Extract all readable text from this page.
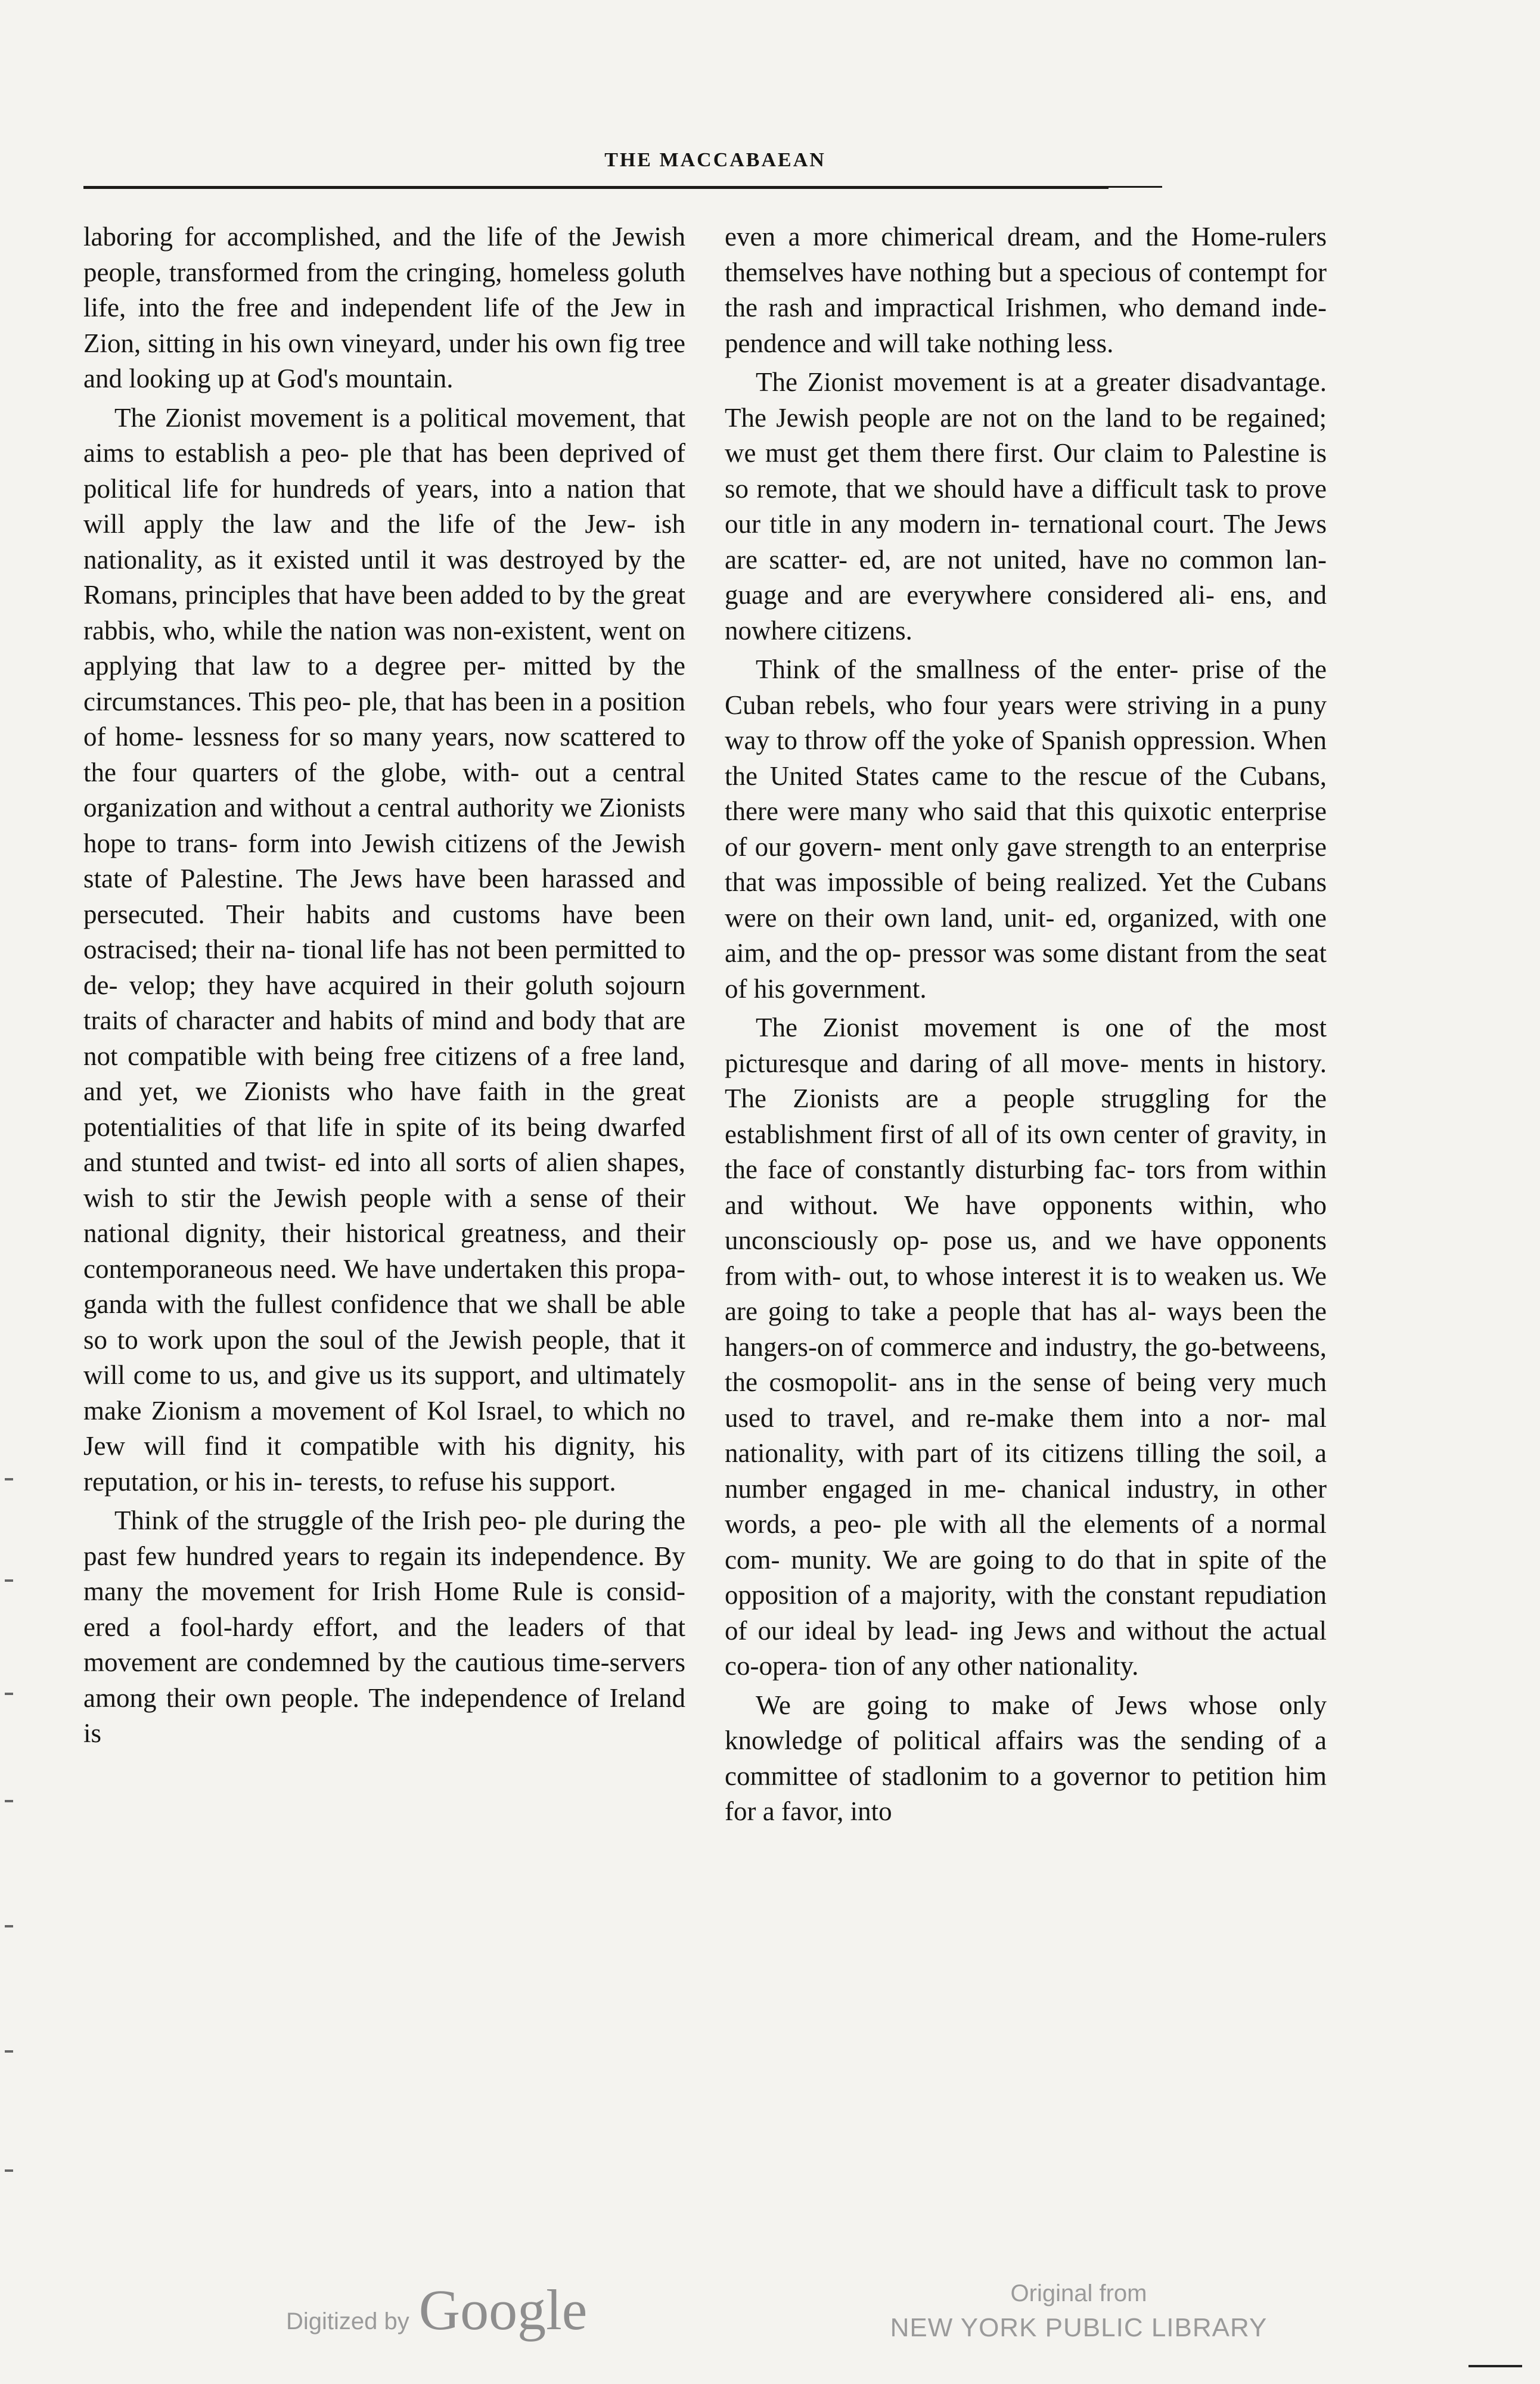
THE MACCABAEAN

laboring for accomplished, and the life of the Jewish people, transformed from the cringing, homeless goluth life, into the free and independent life of the Jew in Zion, sitting in his own vineyard, under his own fig tree and looking up at God's mountain.

The Zionist movement is a political movement, that aims to establish a peo- ple that has been deprived of political life for hundreds of years, into a nation that will apply the law and the life of the Jew- ish nationality, as it existed until it was destroyed by the Romans, principles that have been added to by the great rabbis, who, while the nation was non-existent, went on applying that law to a degree per- mitted by the circumstances. This peo- ple, that has been in a position of home- lessness for so many years, now scattered to the four quarters of the globe, with- out a central organization and without a central authority we Zionists hope to trans- form into Jewish citizens of the Jewish state of Palestine. The Jews have been harassed and persecuted. Their habits and customs have been ostracised; their na- tional life has not been permitted to de- velop; they have acquired in their goluth sojourn traits of character and habits of mind and body that are not compatible with being free citizens of a free land, and yet, we Zionists who have faith in the great potentialities of that life in spite of its being dwarfed and stunted and twist- ed into all sorts of alien shapes, wish to stir the Jewish people with a sense of their national dignity, their historical greatness, and their contemporaneous need. We have undertaken this propa- ganda with the fullest confidence that we shall be able so to work upon the soul of the Jewish people, that it will come to us, and give us its support, and ultimately make Zionism a movement of Kol Israel, to which no Jew will find it compatible with his dignity, his reputation, or his in- terests, to refuse his support.

Think of the struggle of the Irish peo- ple during the past few hundred years to regain its independence. By many the movement for Irish Home Rule is consid- ered a fool-hardy effort, and the leaders of that movement are condemned by the cautious time-servers among their own people. The independence of Ireland is

even a more chimerical dream, and the Home-rulers themselves have nothing but a specious of contempt for the rash and impractical Irishmen, who demand inde- pendence and will take nothing less.

The Zionist movement is at a greater disadvantage. The Jewish people are not on the land to be regained; we must get them there first. Our claim to Palestine is so remote, that we should have a difficult task to prove our title in any modern in- ternational court. The Jews are scatter- ed, are not united, have no common lan- guage and are everywhere considered ali- ens, and nowhere citizens.

Think of the smallness of the enter- prise of the Cuban rebels, who four years were striving in a puny way to throw off the yoke of Spanish oppression. When the United States came to the rescue of the Cubans, there were many who said that this quixotic enterprise of our govern- ment only gave strength to an enterprise that was impossible of being realized. Yet the Cubans were on their own land, unit- ed, organized, with one aim, and the op- pressor was some distant from the seat of his government.

The Zionist movement is one of the most picturesque and daring of all move- ments in history. The Zionists are a people struggling for the establishment first of all of its own center of gravity, in the face of constantly disturbing fac- tors from within and without. We have opponents within, who unconsciously op- pose us, and we have opponents from with- out, to whose interest it is to weaken us. We are going to take a people that has al- ways been the hangers-on of commerce and industry, the go-betweens, the cosmopolit- ans in the sense of being very much used to travel, and re-make them into a nor- mal nationality, with part of its citizens tilling the soil, a number engaged in me- chanical industry, in other words, a peo- ple with all the elements of a normal com- munity. We are going to do that in spite of the opposition of a majority, with the constant repudiation of our ideal by lead- ing Jews and without the actual co-opera- tion of any other nationality.

We are going to make of Jews whose only knowledge of political affairs was the sending of a committee of stadlonim to a governor to petition him for a favor, into

Digitized by Google	Original from
NEW YORK PUBLIC LIBRARY
